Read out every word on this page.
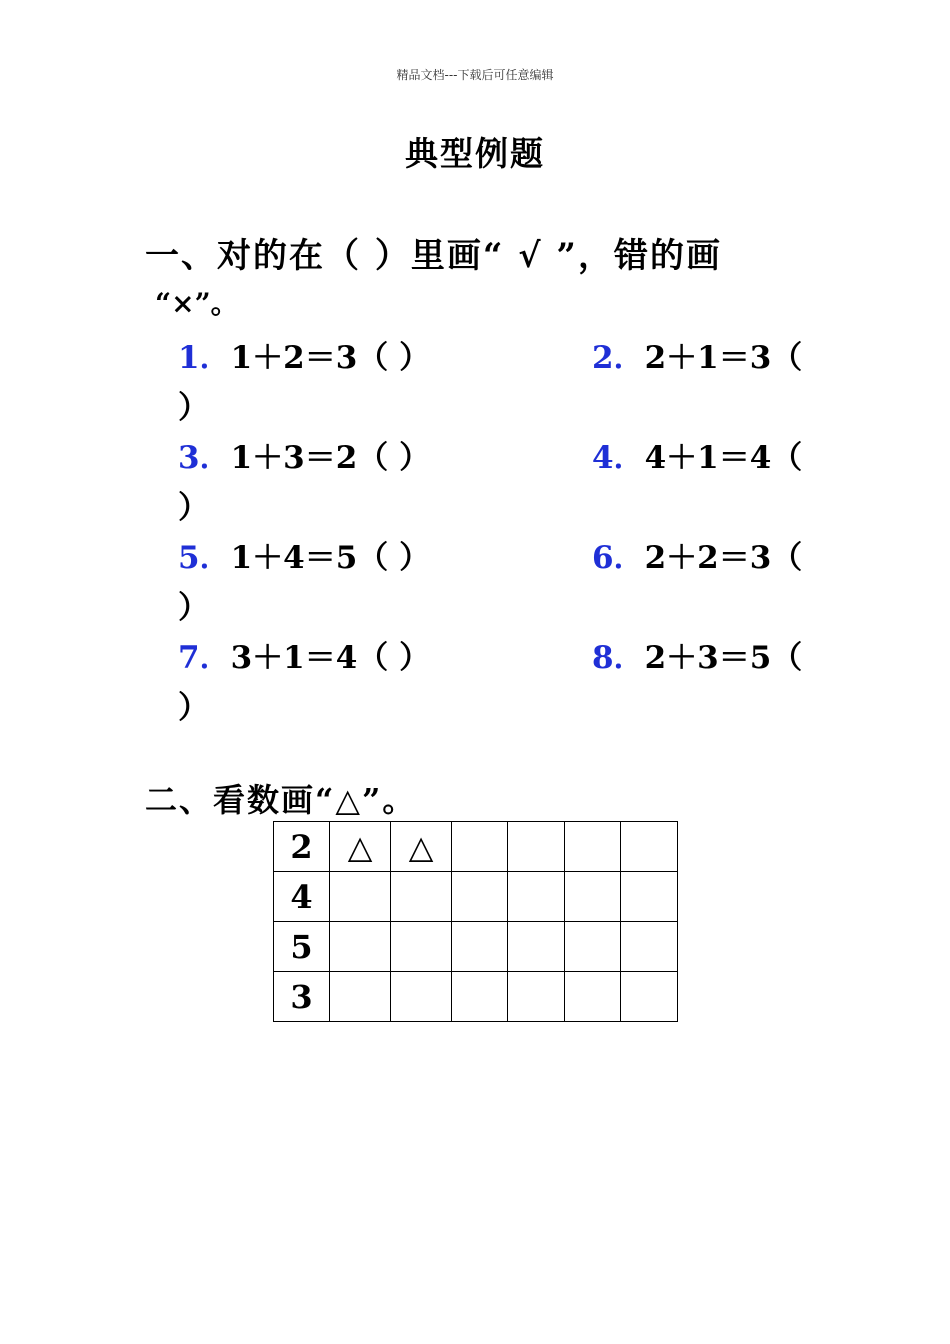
精品文档---下载后可任意编辑
典型例题
一、对的在（ ）里画“ √ ”，错的画
“×”。
1．1＋2＝3（ ）	2．2＋1＝3（
）
3．1＋3＝2（ ）	4．4＋1＝4（
）
5．1＋4＝5（ ）	6．2＋2＝3（
）
7．3＋1＝4（ ）	8．2＋3＝5（
）
二、看数画“△”。
2	△	△				
4						
5						
3						
